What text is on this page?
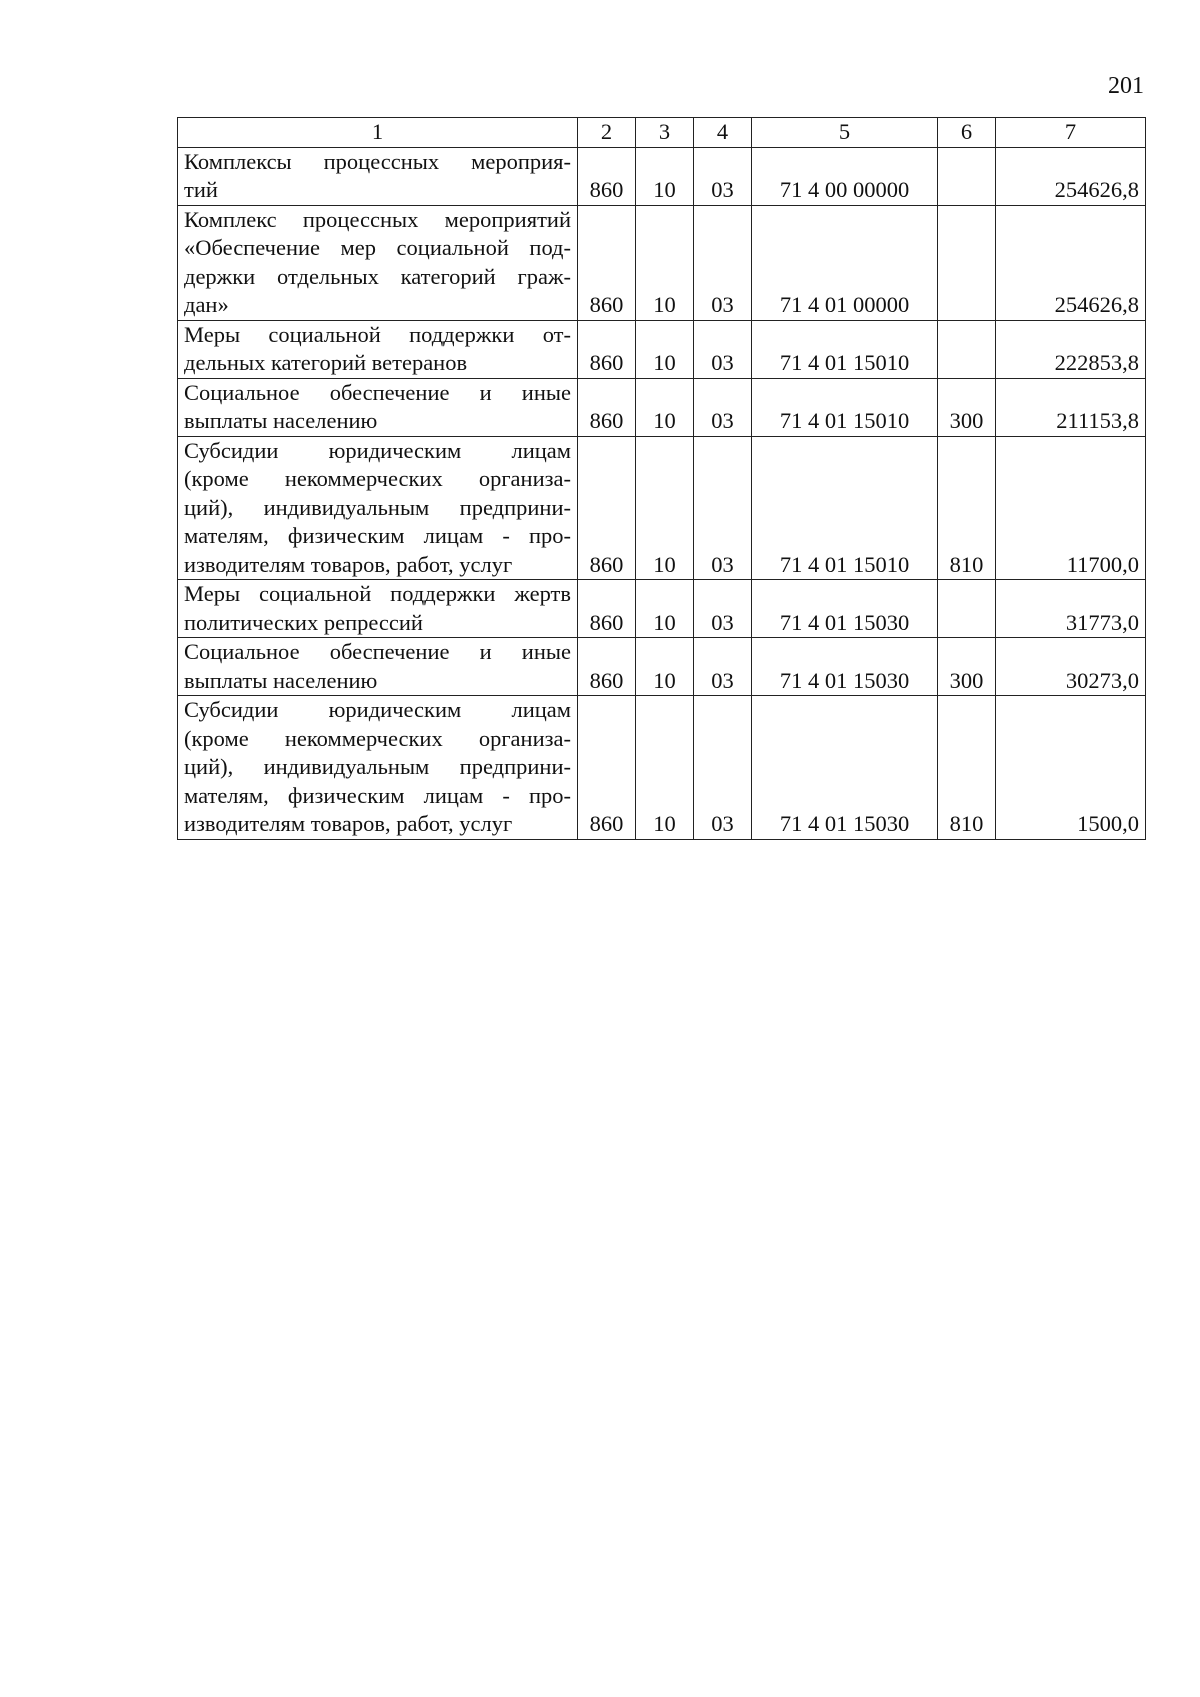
201
1	2	3	4	5	6	7

Комплексы процессных мероприя-
тий	860	10	03	71 4 00 00000		254626,8

Комплекс процессных мероприятий
«Обеспечение мер социальной под-
держки отдельных категорий граж-
дан»	860	10	03	71 4 01 00000		254626,8

Меры социальной поддержки от-
дельных категорий ветеранов	860	10	03	71 4 01 15010		222853,8

Социальное обеспечение и иные
выплаты населению	860	10	03	71 4 01 15010	300	211153,8

Субсидии юридическим лицам
(кроме некоммерческих организа-
ций), индивидуальным предприни-
мателям, физическим лицам - про-
изводителям товаров, работ, услуг	860	10	03	71 4 01 15010	810	11700,0

Меры социальной поддержки жертв
политических репрессий	860	10	03	71 4 01 15030		31773,0

Социальное обеспечение и иные
выплаты населению	860	10	03	71 4 01 15030	300	30273,0

Субсидии юридическим лицам
(кроме некоммерческих организа-
ций), индивидуальным предприни-
мателям, физическим лицам - про-
изводителям товаров, работ, услуг	860	10	03	71 4 01 15030	810	1500,0
